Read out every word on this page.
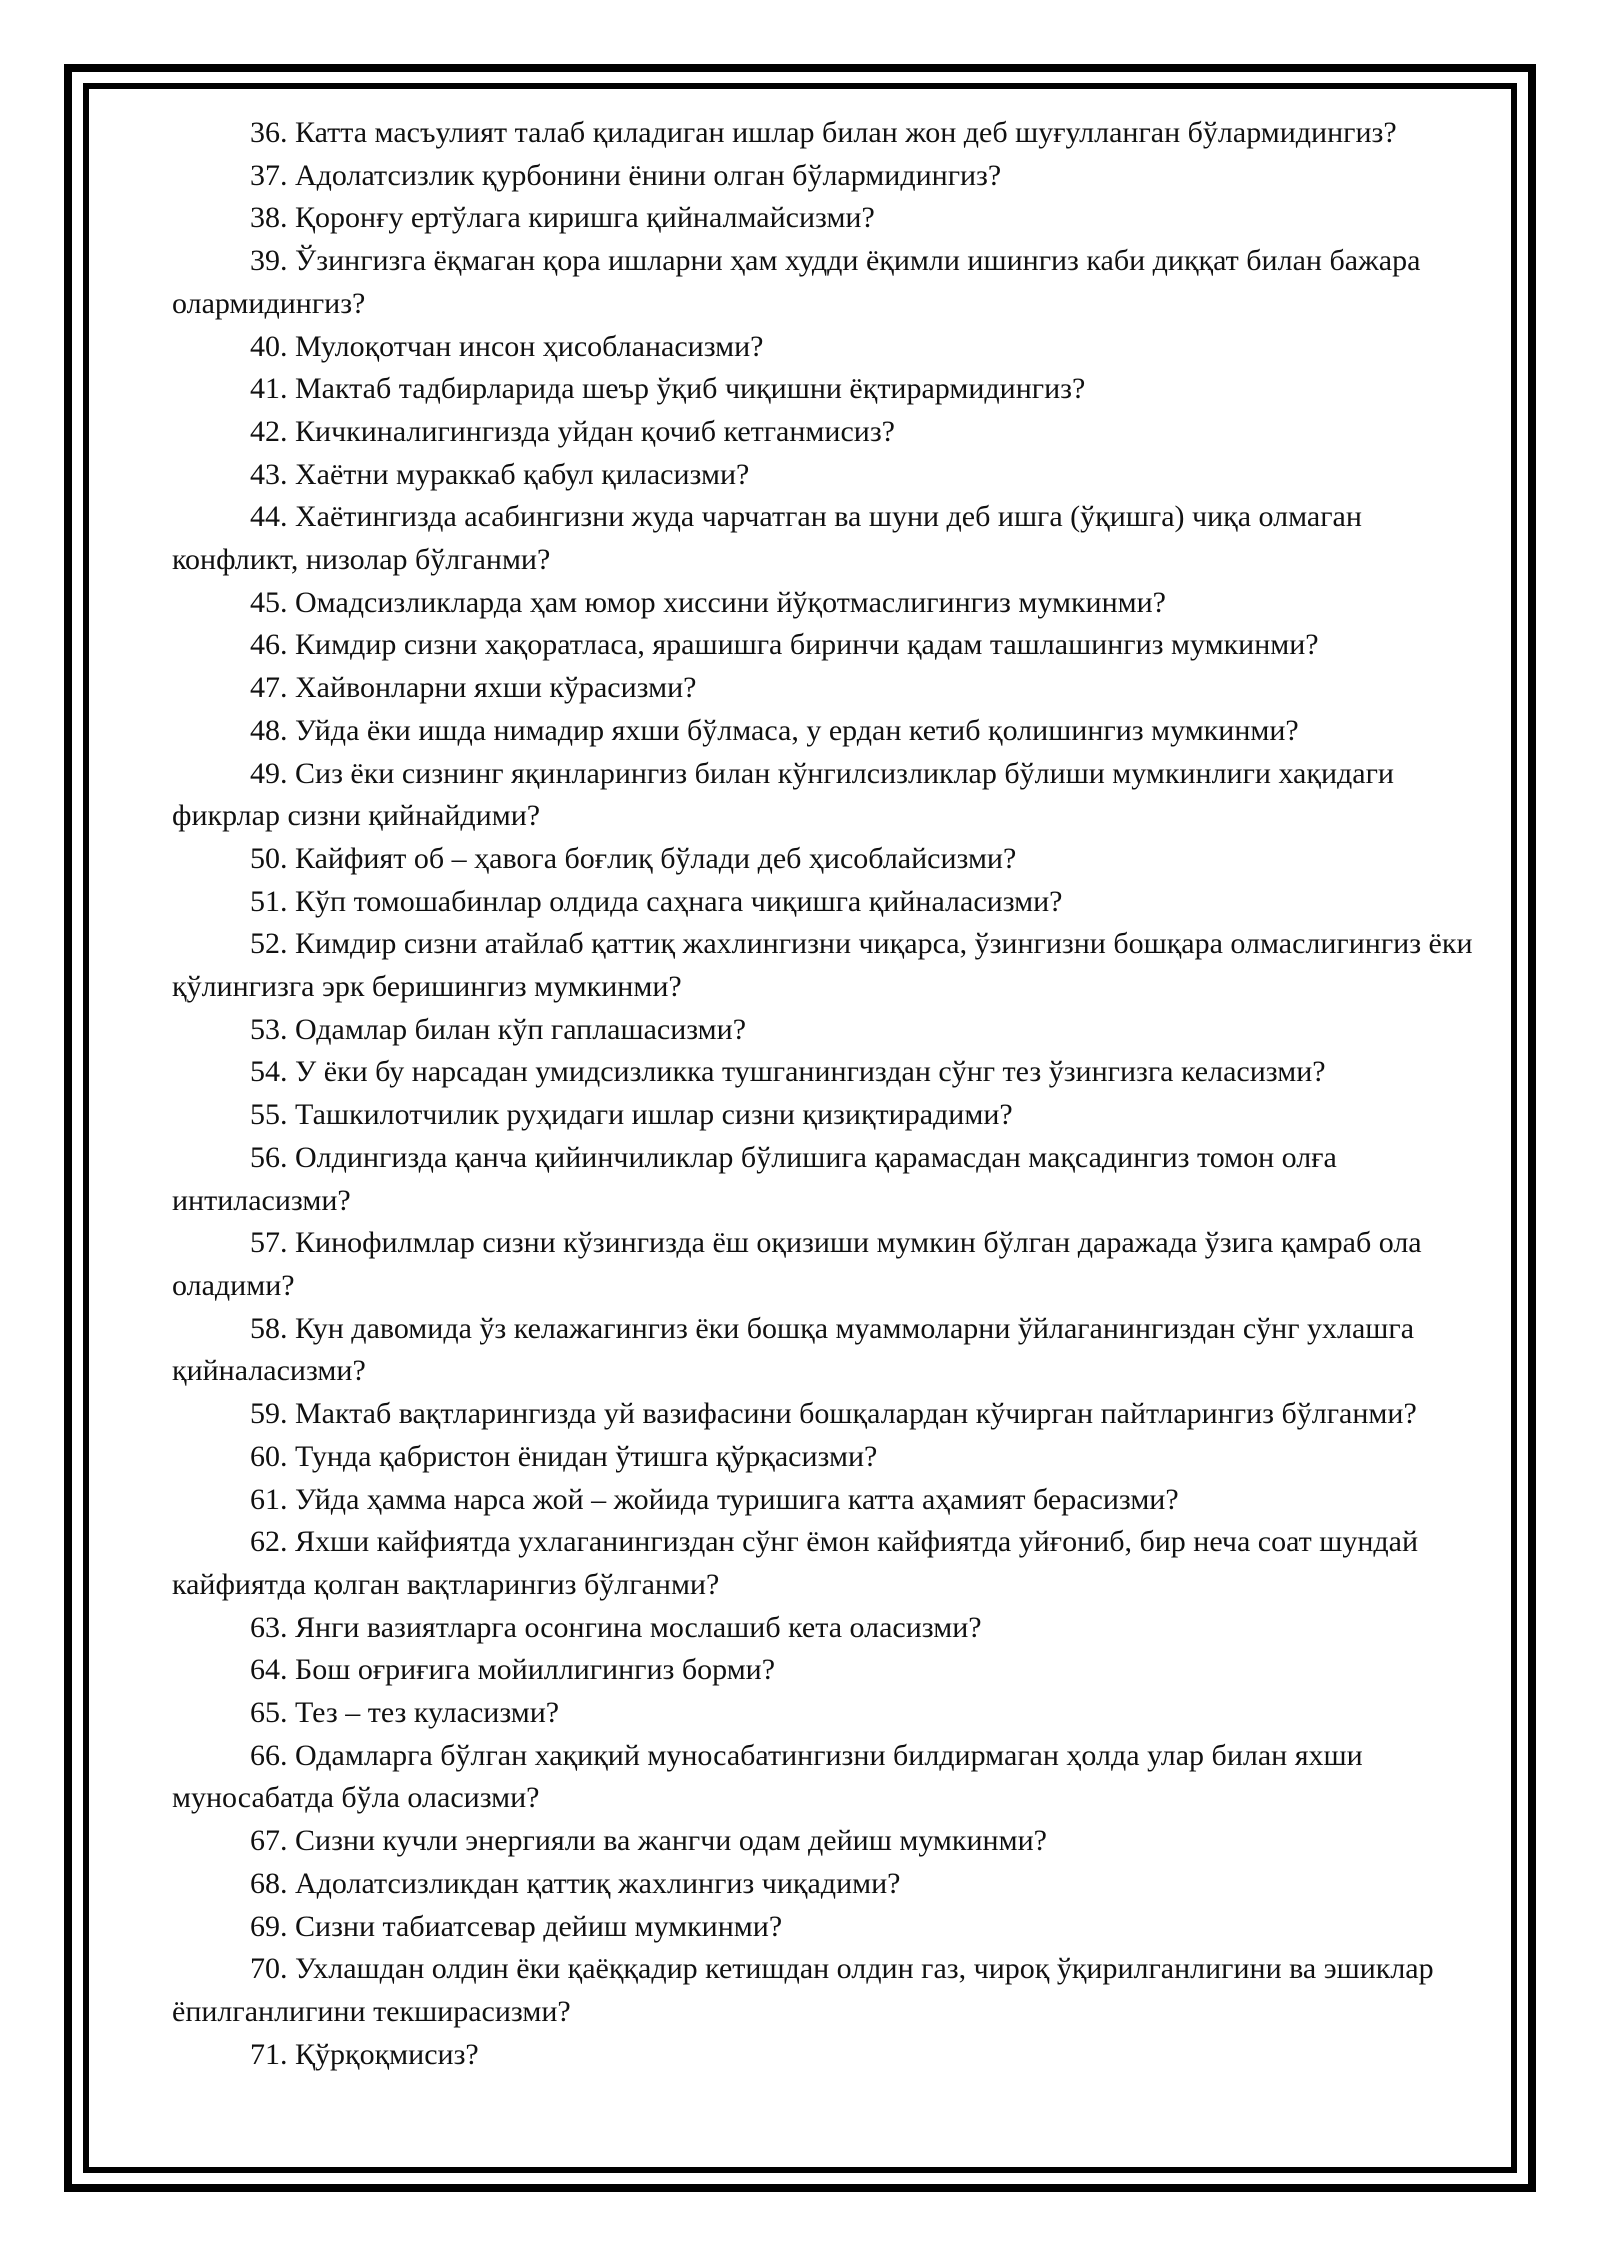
36. Катта масъулият талаб қиладиган ишлар билан жон деб шуғулланган бўлармидингиз?

37. Адолатсизлик қурбонини ёнини олган бўлармидингиз?

38. Қоронғу ертўлага киришга қийналмайсизми?

39. Ўзингизга ёқмаган қора ишларни ҳам худди ёқимли ишингиз каби диққат билан бажара олармидингиз?

40. Мулоқотчан инсон ҳисобланасизми?

41. Мактаб тадбирларида шеър ўқиб чиқишни ёқтирармидингиз?

42. Кичкиналигингизда уйдан қочиб кетганмисиз?

43. Хаётни мураккаб қабул қиласизми?

44. Хаётингизда асабингизни жуда чарчатган ва шуни деб ишга (ўқишга) чиқа олмаган конфликт, низолар бўлганми?

45. Омадсизликларда ҳам юмор хиссини йўқотмаслигингиз мумкинми?

46. Кимдир сизни хақоратласа, ярашишга биринчи қадам ташлашингиз мумкинми?

47. Хайвонларни яхши кўрасизми?

48. Уйда ёки ишда нимадир яхши бўлмаса, у ердан кетиб қолишингиз мумкинми?

49. Сиз ёки сизнинг яқинларингиз билан кўнгилсизликлар бўлиши мумкинлиги хақидаги фикрлар сизни қийнайдими?

50. Кайфият об – ҳавога боғлиқ бўлади деб ҳисоблайсизми?

51. Кўп томошабинлар олдида саҳнага чиқишга қийналасизми?

52. Кимдир сизни атайлаб қаттиқ жахлингизни чиқарса, ўзингизни бошқара олмаслигингиз ёки қўлингизга эрк беришингиз мумкинми?

53. Одамлар билан кўп гаплашасизми?

54. У ёки бу нарсадан умидсизликка тушганингиздан сўнг тез ўзингизга келасизми?

55. Ташкилотчилик руҳидаги ишлар сизни қизиқтирадими?

56. Олдингизда қанча қийинчиликлар бўлишига қарамасдан мақсадингиз томон олға интиласизми?

57. Кинофилмлар сизни кўзингизда ёш оқизиши мумкин бўлган даражада ўзига қамраб ола оладими?

58. Кун давомида ўз келажагингиз ёки бошқа муаммоларни ўйлаганингиздан сўнг ухлашга қийналасизми?

59. Мактаб вақтларингизда уй вазифасини бошқалардан кўчирган пайтларингиз бўлганми?

60. Тунда қабристон ёнидан ўтишга қўрқасизми?

61. Уйда ҳамма нарса жой – жойида туришига катта аҳамият берасизми?

62. Яхши кайфиятда ухлаганингиздан сўнг ёмон кайфиятда уйғониб, бир неча соат шундай кайфиятда қолган вақтларингиз бўлганми?

63. Янги вазиятларга осонгина мослашиб кета оласизми?

64. Бош оғриғига мойиллигингиз борми?

65. Тез – тез куласизми?

66. Одамларга бўлган хақиқий муносабатингизни билдирмаган ҳолда улар билан яхши муносабатда бўла оласизми?

67. Сизни кучли энергияли ва жангчи одам дейиш мумкинми?

68. Адолатсизликдан қаттиқ жахлингиз чиқадими?

69. Сизни табиатсевар дейиш мумкинми?

70. Ухлашдан олдин ёки қаёққадир кетишдан олдин газ, чироқ ўқирилганлигини ва эшиклар ёпилганлигини текширасизми?

71. Қўрқоқмисиз?
